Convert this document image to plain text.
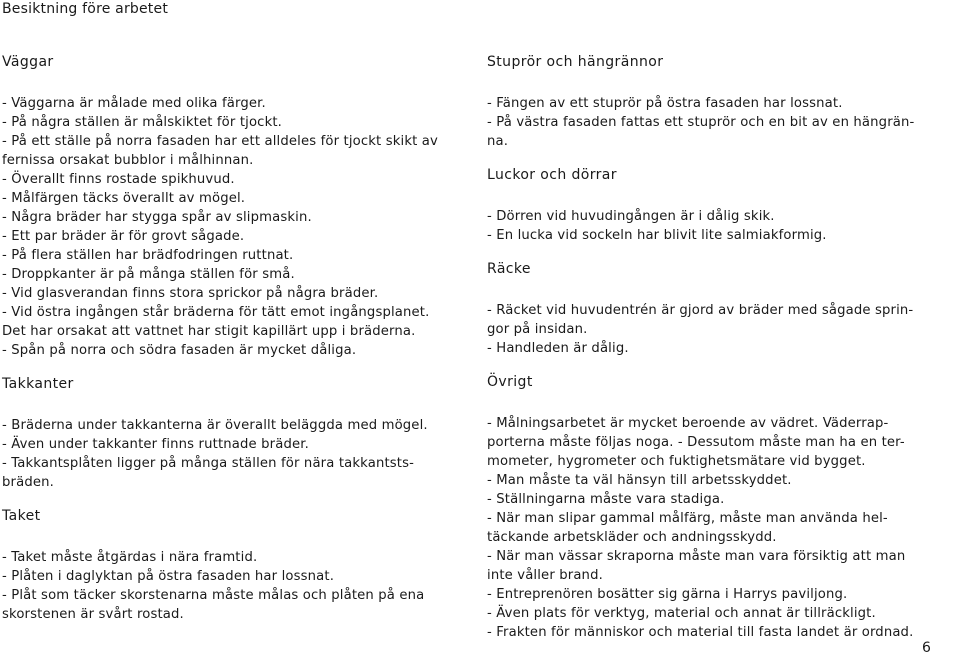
Besiktning före arbetet
Väggar
- Väggarna är målade med olika färger.
- På några ställen är målskiktet för tjockt.
- På ett ställe på norra fasaden har ett alldeles för tjockt skikt av
fernissa orsakat bubblor i målhinnan.
- Överallt finns rostade spikhuvud.
- Målfärgen täcks överallt av mögel.
- Några bräder har stygga spår av slipmaskin.
- Ett par bräder är för grovt sågade.
- På flera ställen har brädfodringen ruttnat.
- Droppkanter är på många ställen för små.
- Vid glasverandan finns stora sprickor på några bräder.
- Vid östra ingången står bräderna för tätt emot ingångsplanet.
Det har orsakat att vattnet har stigit kapillärt upp i bräderna.
- Spån på norra och södra fasaden är mycket dåliga.
Takkanter
- Bräderna under takkanterna är överallt beläggda med mögel.
- Även under takkanter finns ruttnade bräder.
- Takkantsplåten ligger på många ställen för nära takkantsts-
bräden.
Taket
- Taket måste åtgärdas i nära framtid.
- Plåten i daglyktan på östra fasaden har lossnat.
- Plåt som täcker skorstenarna måste målas och plåten på ena
skorstenen är svårt rostad.
Stuprör och hängrännor
- Fängen av ett stuprör på östra fasaden har lossnat.
- På västra fasaden fattas ett stuprör och en bit av en hängrän-
na.
Luckor och dörrar
- Dörren vid huvudingången är i dålig skik.
- En lucka vid sockeln har blivit lite salmiakformig.
Räcke
- Räcket vid huvudentrén är gjord av bräder med sågade sprin-
gor på insidan.
- Handleden är dålig.
Övrigt
- Målningsarbetet är mycket beroende av vädret. Väderrap-
porterna måste följas noga. - Dessutom måste man ha en ter-
mometer, hygrometer och fuktighetsmätare vid bygget.
- Man måste ta väl hänsyn till arbetsskyddet.
- Ställningarna måste vara stadiga.
- När man slipar gammal målfärg, måste man använda hel-
täckande arbetskläder och andningsskydd.
- När man vässar skraporna måste man vara försiktig att man
inte våller brand.
- Entreprenören bosätter sig gärna i Harrys paviljong.
- Även plats för verktyg, material och annat är tillräckligt.
- Frakten för människor och material till fasta landet är ordnad.
6
